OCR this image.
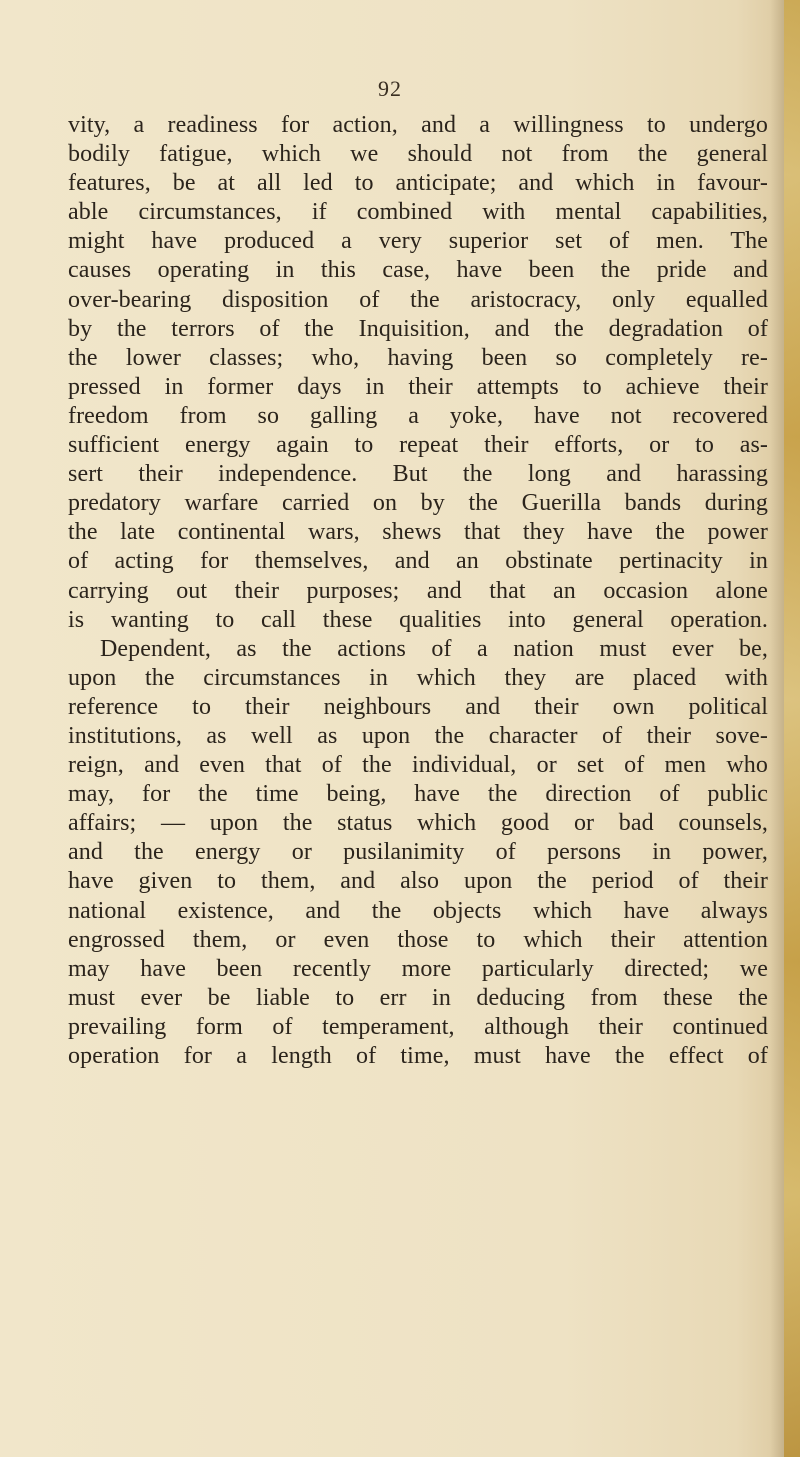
92
vity, a readiness for action, and a willingness to undergo
bodily fatigue, which we should not from the general
features, be at all led to anticipate; and which in favour-
able circumstances, if combined with mental capabilities,
might have produced a very superior set of men. The
causes operating in this case, have been the pride and
over-bearing disposition of the aristocracy, only equalled
by the terrors of the Inquisition, and the degradation of
the lower classes; who, having been so completely re-
pressed in former days in their attempts to achieve their
freedom from so galling a yoke, have not recovered
sufficient energy again to repeat their efforts, or to as-
sert their independence. But the long and harassing
predatory warfare carried on by the Guerilla bands during
the late continental wars, shews that they have the power
of acting for themselves, and an obstinate pertinacity in
carrying out their purposes; and that an occasion alone
is wanting to call these qualities into general operation.
Dependent, as the actions of a nation must ever be,
upon the circumstances in which they are placed with
reference to their neighbours and their own political
institutions, as well as upon the character of their sove-
reign, and even that of the individual, or set of men who
may, for the time being, have the direction of public
affairs; — upon the status which good or bad counsels,
and the energy or pusilanimity of persons in power,
have given to them, and also upon the period of their
national existence, and the objects which have always
engrossed them, or even those to which their attention
may have been recently more particularly directed; we
must ever be liable to err in deducing from these the
prevailing form of temperament, although their continued
operation for a length of time, must have the effect of
